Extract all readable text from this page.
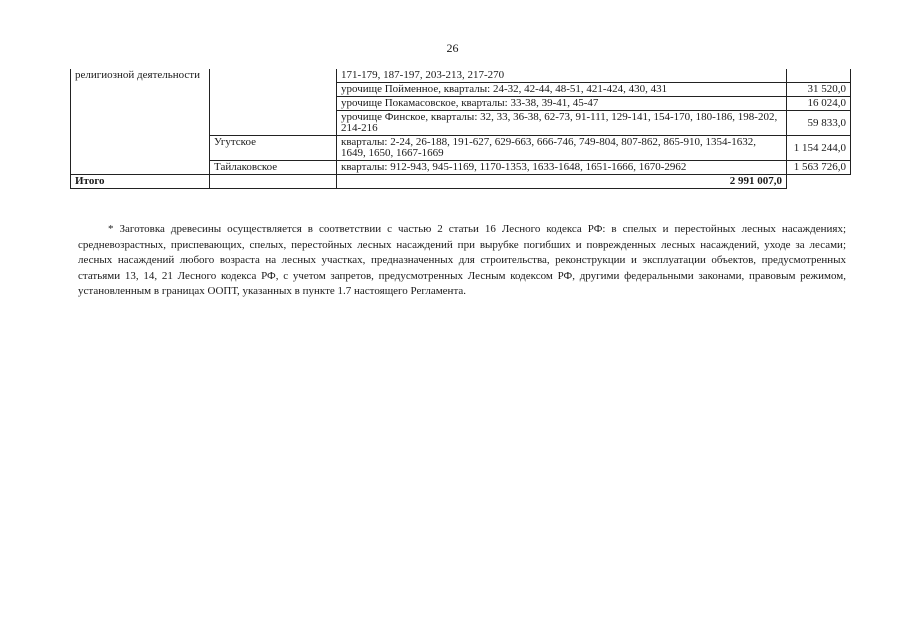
26
религиозной деятельности		171-179, 187-197, 203-213, 217-270	
		урочище Пойменное, кварталы: 24-32, 42-44, 48-51, 421-424, 430, 431	31 520,0
		урочище Покамасовское, кварталы: 33-38, 39-41, 45-47	16 024,0
		урочище Финское, кварталы: 32, 33, 36-38, 62-73, 91-111, 129-141, 154-170, 180-186, 198-202, 214-216	59 833,0
	Угутское	кварталы: 2-24, 26-188, 191-627, 629-663, 666-746, 749-804, 807-862, 865-910, 1354-1632, 1649, 1650, 1667-1669	1 154 244,0
	Тайлаковское	кварталы: 912-943, 945-1169, 1170-1353, 1633-1648, 1651-1666, 1670-2962	1 563 726,0
Итого		2 991 007,0	
* Заготовка древесины осуществляется в соответствии с частью 2 статьи 16 Лесного кодекса РФ: в спелых и перестойных лесных насаждениях; средневозрастных, приспевающих, спелых, перестойных лесных насаждений при вырубке погибших и поврежденных лесных насаждений, уходе за лесами; лесных насаждений любого возраста на лесных участках, предназначенных для строительства, реконструкции и эксплуатации объектов, предусмотренных статьями 13, 14, 21 Лесного кодекса РФ, с учетом запретов, предусмотренных Лесным кодексом РФ, другими федеральными законами, правовым режимом, установленным в границах ООПТ, указанных в пункте 1.7 настоящего Регламента.
